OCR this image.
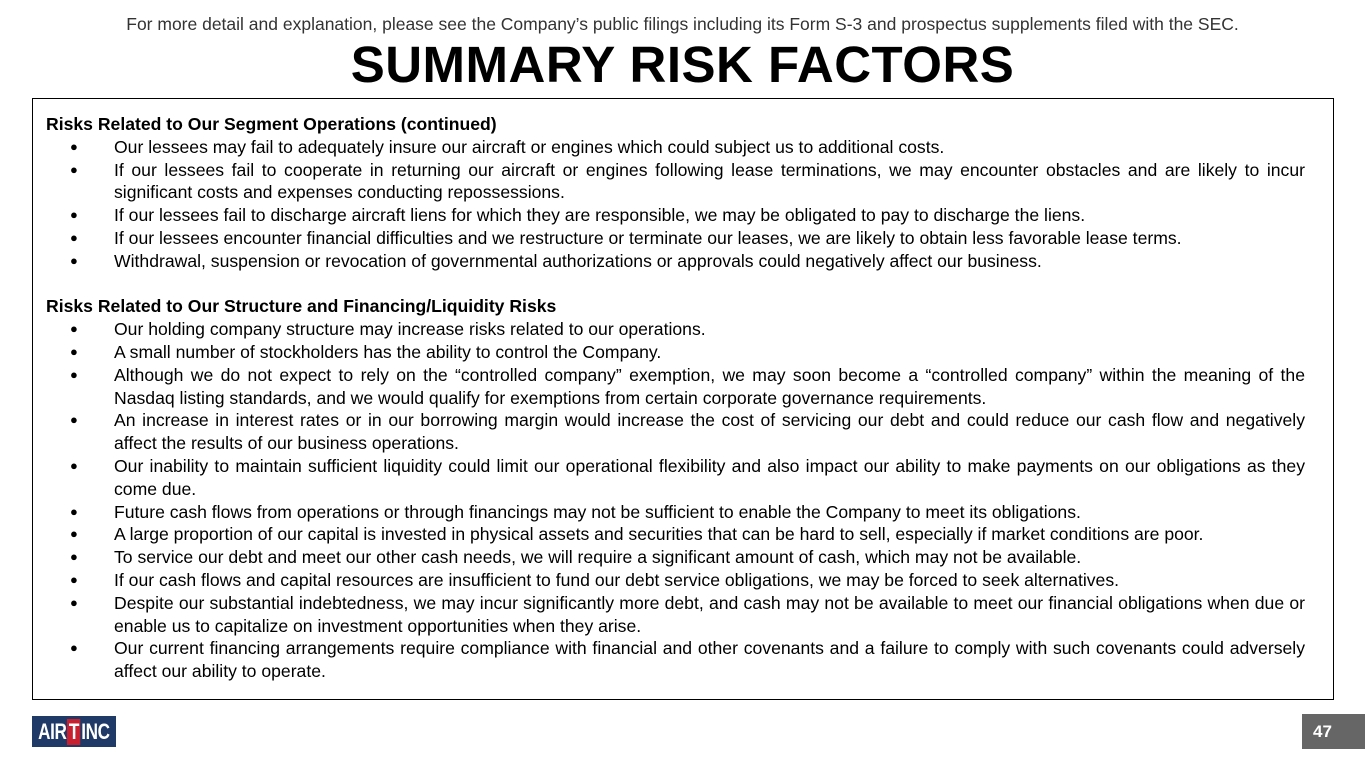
For more detail and explanation, please see the Company’s public filings including its Form S-3 and prospectus supplements filed with the SEC.
SUMMARY RISK FACTORS
Risks Related to Our Segment Operations (continued)
● Our lessees may fail to adequately insure our aircraft or engines which could subject us to additional costs.
● If our lessees fail to cooperate in returning our aircraft or engines following lease terminations, we may encounter obstacles and are likely to incur significant costs and expenses conducting repossessions.
● If our lessees fail to discharge aircraft liens for which they are responsible, we may be obligated to pay to discharge the liens.
● If our lessees encounter financial difficulties and we restructure or terminate our leases, we are likely to obtain less favorable lease terms.
● Withdrawal, suspension or revocation of governmental authorizations or approvals could negatively affect our business.
Risks Related to Our Structure and Financing/Liquidity Risks
● Our holding company structure may increase risks related to our operations.
● A small number of stockholders has the ability to control the Company.
● Although we do not expect to rely on the “controlled company” exemption, we may soon become a “controlled company” within the meaning of the Nasdaq listing standards, and we would qualify for exemptions from certain corporate governance requirements.
● An increase in interest rates or in our borrowing margin would increase the cost of servicing our debt and could reduce our cash flow and negatively affect the results of our business operations.
● Our inability to maintain sufficient liquidity could limit our operational flexibility and also impact our ability to make payments on our obligations as they come due.
● Future cash flows from operations or through financings may not be sufficient to enable the Company to meet its obligations.
● A large proportion of our capital is invested in physical assets and securities that can be hard to sell, especially if market conditions are poor.
● To service our debt and meet our other cash needs, we will require a significant amount of cash, which may not be available.
● If our cash flows and capital resources are insufficient to fund our debt service obligations, we may be forced to seek alternatives.
● Despite our substantial indebtedness, we may incur significantly more debt, and cash may not be available to meet our financial obligations when due or enable us to capitalize on investment opportunities when they arise.
● Our current financing arrangements require compliance with financial and other covenants and a failure to comply with such covenants could adversely affect our ability to operate.
AIR T INC	47
